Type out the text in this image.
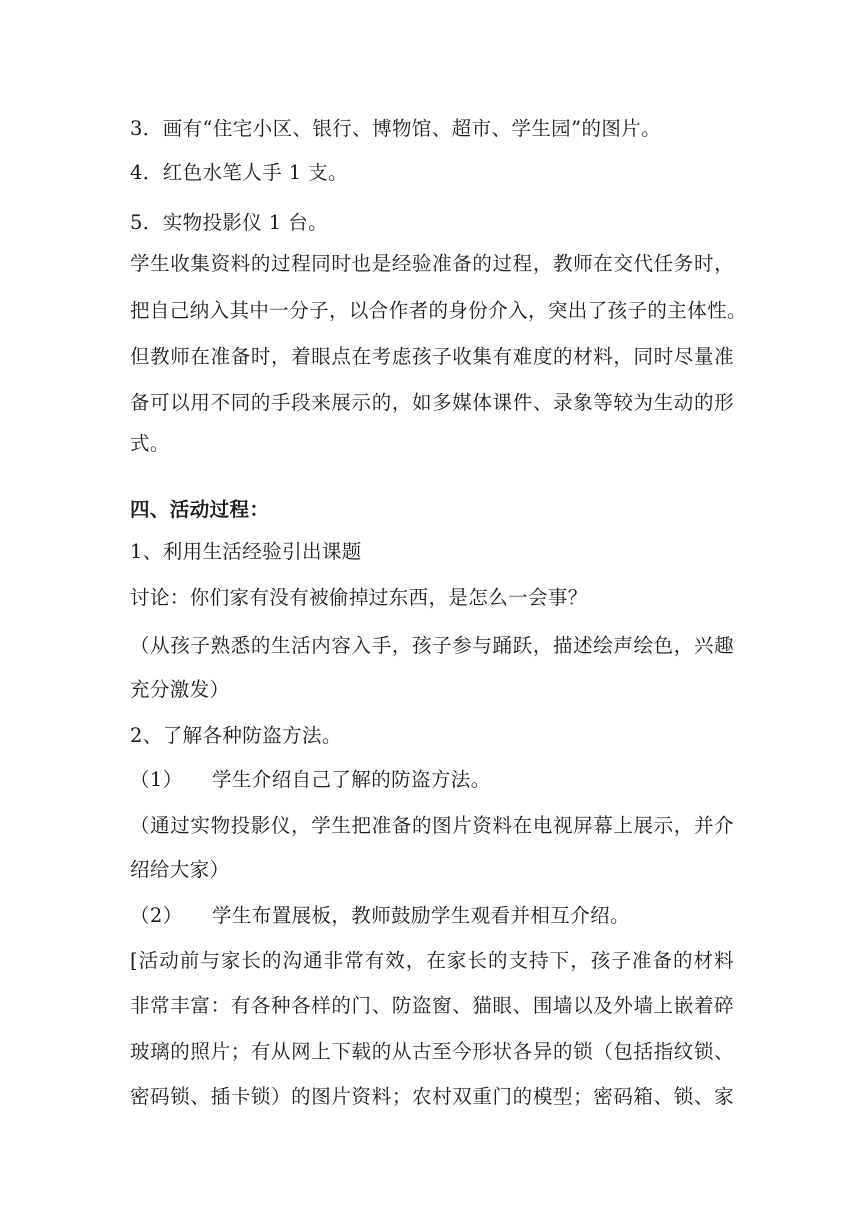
3．画有“住宅小区、银行、博物馆、超市、学生园”的图片。
4．红色水笔人手 1 支。
5．实物投影仪 1 台。
学生收集资料的过程同时也是经验准备的过程，教师在交代任务时，
把自己纳入其中一分子，以合作者的身份介入，突出了孩子的主体性。
但教师在准备时，着眼点在考虑孩子收集有难度的材料，同时尽量准
备可以用不同的手段来展示的，如多媒体课件、录象等较为生动的形
式。
四、活动过程：
1、利用生活经验引出课题
讨论：你们家有没有被偷掉过东西，是怎么一会事？
（从孩子熟悉的生活内容入手，孩子参与踊跃，描述绘声绘色，兴趣
充分激发）
2、了解各种防盗方法。
（1） 学生介绍自己了解的防盗方法。
（通过实物投影仪，学生把准备的图片资料在电视屏幕上展示，并介
绍给大家）
（2） 学生布置展板，教师鼓励学生观看并相互介绍。
[活动前与家长的沟通非常有效，在家长的支持下，孩子准备的材料
非常丰富：有各种各样的门、防盗窗、猫眼、围墙以及外墙上嵌着碎
玻璃的照片；有从网上下载的从古至今形状各异的锁（包括指纹锁、
密码锁、插卡锁）的图片资料；农村双重门的模型；密码箱、锁、家
